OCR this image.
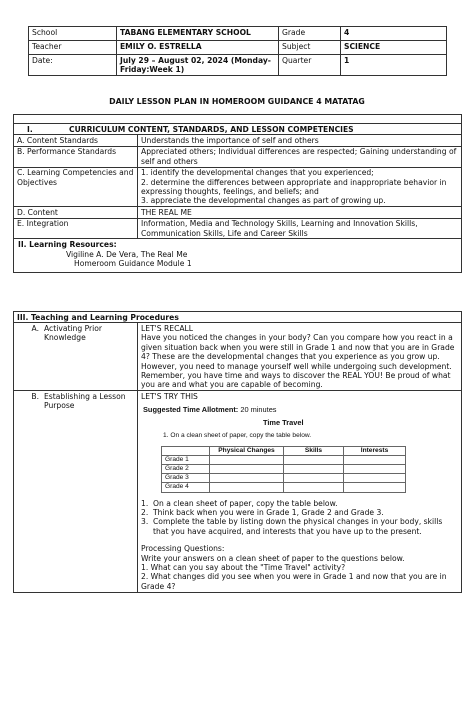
School	TABANG ELEMENTARY SCHOOL	Grade	4
Teacher	EMILY O. ESTRELLA	Subject	SCIENCE
Date:	July 29 – August 02, 2024 (Monday-Friday:Week 1)	Quarter	1
DAILY LESSON PLAN IN HOMEROOM GUIDANCE 4 MATATAG

I. CURRICULUM CONTENT, STANDARDS, AND LESSON COMPETENCIES	
A. Content Standards	Understands the importance of self and others
B. Performance Standards	Appreciated others; Individual differences are respected; Gaining understanding of self and others
C. Learning Competencies and Objectives	1. identify the developmental changes that you experienced;
2. determine the differences between appropriate and inappropriate behavior in expressing thoughts, feelings, and beliefs; and
3. appreciate the developmental changes as part of growing up.

D. Content	THE REAL ME
E. Integration	Information, Media and Technology Skills, Learning and Innovation Skills, Communication Skills, Life and Career Skills

II. Learning Resources:
Vigiline A. De Vera, The Real Me
Homeroom Guidance Module 1	
III. Teaching and Learning Procedures

A. Activating Prior Knowledge

LET'S RECALL
Have you noticed the changes in your body? Can you compare how you react in a given situation back when you were still in Grade 1 and now that you are in Grade 4? These are the developmental changes that you experience as you grow up. However, you need to manage yourself well while undergoing such development. Remember, you have time and ways to discover the REAL YOU! Be proud of what you are and what you are capable of becoming.

B. Establishing a Lesson Purpose

LET'S TRY THIS
Suggested Time Allotment: 20 minutes
Time Travel
1. On a clean sheet of paper, copy the table below.
	Physical Changes	Skills	Interests
Grade 1			
Grade 2			
Grade 3			
Grade 4			
1. On a clean sheet of paper, copy the table below.
2. Think back when you were in Grade 1, Grade 2 and Grade 3.
3. Complete the table by listing down the physical changes in your body, skills that you have acquired, and interests that you have up to the present.
Processing Questions:
Write your answers on a clean sheet of paper to the questions below.
1. What can you say about the "Time Travel" activity?
2. What changes did you see when you were in Grade 1 and now that you are in Grade 4?
